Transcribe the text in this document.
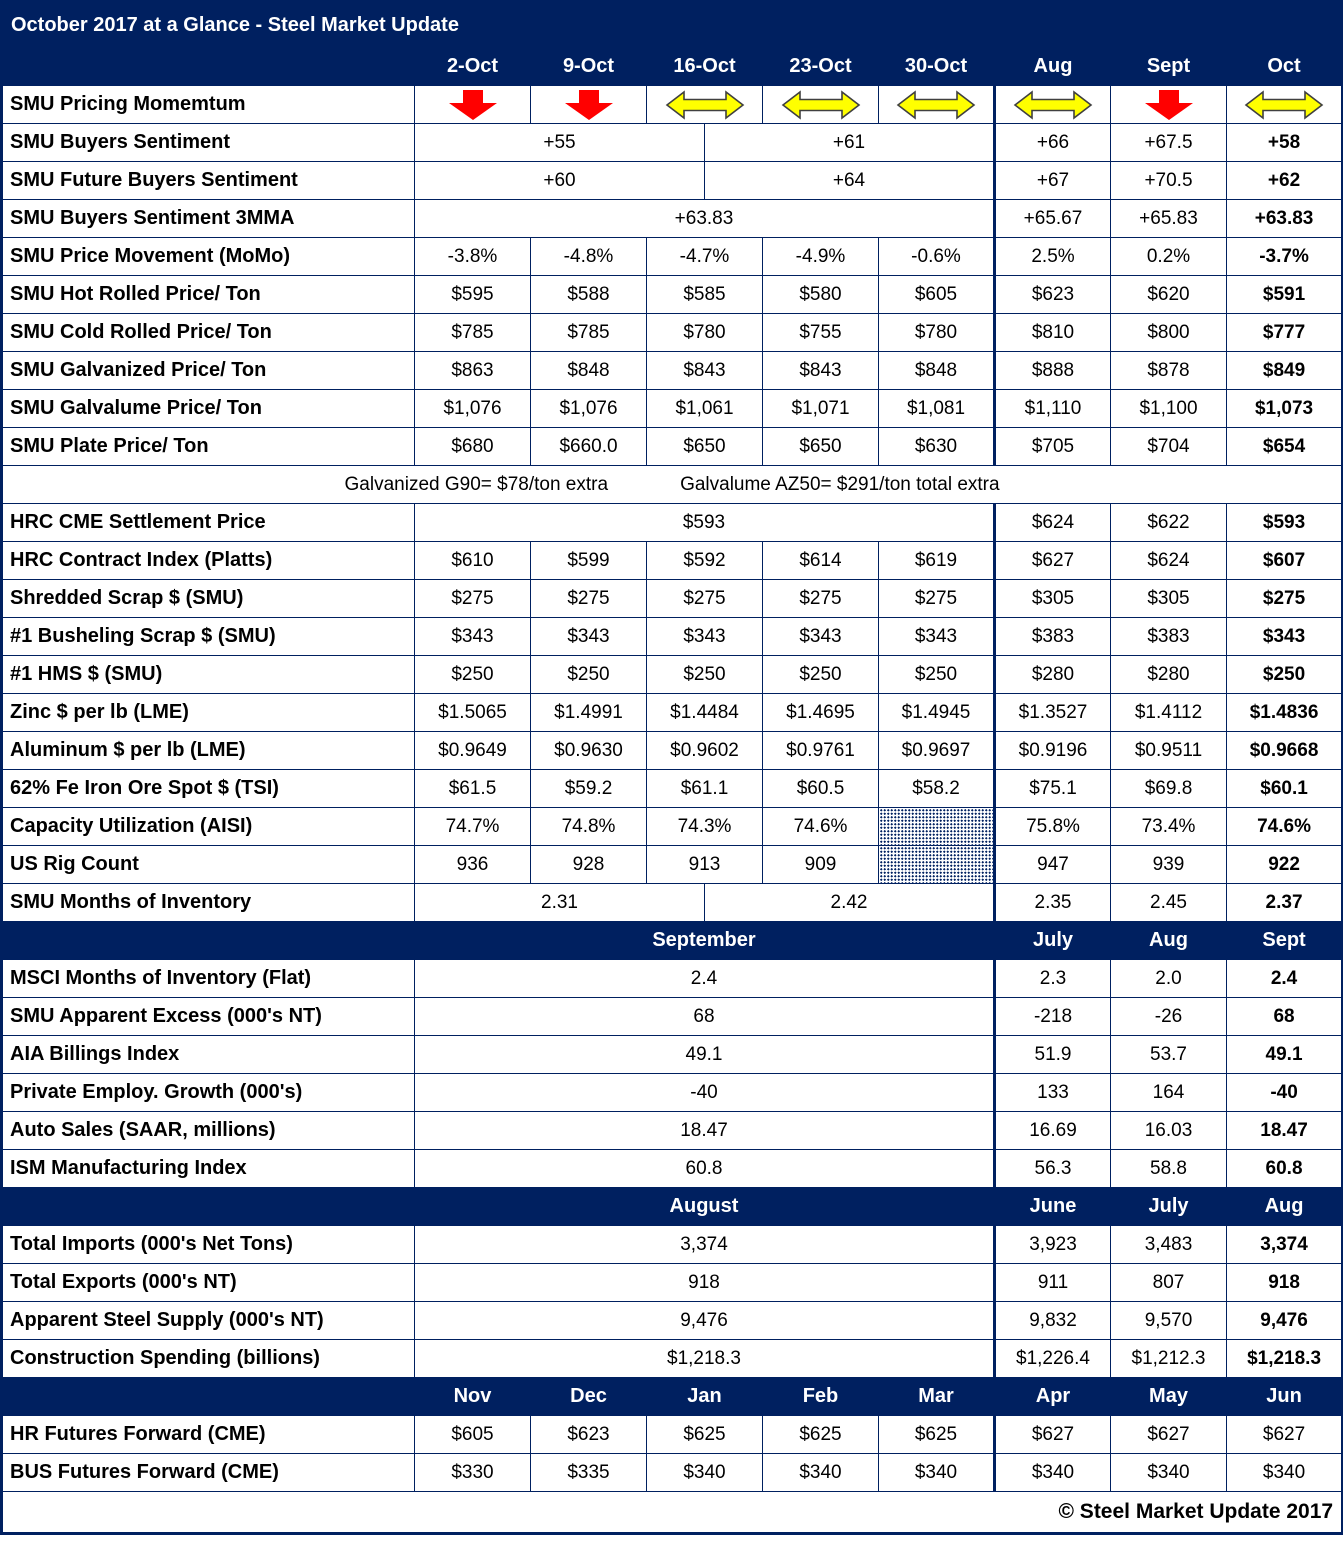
October 2017 at a Glance - Steel Market Update									
	2-Oct	9-Oct	16-Oct		23-Oct	30-Oct	Aug	Sept	Oct
SMU Pricing Momemtum	

SMU Buyers Sentiment	+55			+61			+66	+67.5	+58
SMU Future Buyers Sentiment	+60			+64			+67	+70.5	+62
SMU Buyers Sentiment 3MMA	+63.83						+65.67	+65.83	+63.83
SMU Price Movement (MoMo)	-3.8%	-4.8%	-4.7%		-4.9%	-0.6%	2.5%	0.2%	-3.7%
SMU Hot Rolled Price/ Ton	$595	$588	$585		$580	$605	$623	$620	$591
SMU Cold Rolled Price/ Ton	$785	$785	$780		$755	$780	$810	$800	$777
SMU Galvanized Price/ Ton	$863	$848	$843		$843	$848	$888	$878	$849
SMU Galvalume Price/ Ton	$1,076	$1,076	$1,061		$1,071	$1,081	$1,110	$1,100	$1,073
SMU Plate Price/ Ton	$680	$660.0	$650		$650	$630	$705	$704	$654

Galvanized G90= $78/ton extra Galvalume AZ50= $291/ton total extra									

HRC CME Settlement Price	$593						$624	$622	$593
HRC Contract Index (Platts)	$610	$599	$592		$614	$619	$627	$624	$607
Shredded Scrap $ (SMU)	$275	$275	$275		$275	$275	$305	$305	$275
#1 Busheling Scrap $ (SMU)	$343	$343	$343		$343	$343	$383	$383	$343
#1 HMS $ (SMU)	$250	$250	$250		$250	$250	$280	$280	$250
Zinc $ per lb (LME)	$1.5065	$1.4991	$1.4484		$1.4695	$1.4945	$1.3527	$1.4112	$1.4836
Aluminum $ per lb (LME)	$0.9649	$0.9630	$0.9602		$0.9761	$0.9697	$0.9196	$0.9511	$0.9668
62% Fe Iron Ore Spot $ (TSI)	$61.5	$59.2	$61.1		$60.5	$58.2	$75.1	$69.8	$60.1
Capacity Utilization (AISI)	74.7%	74.8%	74.3%		74.6%		75.8%	73.4%	74.6%
US Rig Count	936	928	913		909		947	939	922
SMU Months of Inventory	2.31			2.42			2.35	2.45	2.37
	September						July	Aug	Sept
MSCI Months of Inventory (Flat)	2.4						2.3	2.0	2.4
SMU Apparent Excess (000's NT)	68						-218	-26	68
AIA Billings Index	49.1						51.9	53.7	49.1
Private Employ. Growth (000's)	-40						133	164	-40
Auto Sales (SAAR, millions)	18.47						16.69	16.03	18.47
ISM Manufacturing Index	60.8						56.3	58.8	60.8
	August						June	July	Aug
Total Imports (000's Net Tons)	3,374						3,923	3,483	3,374
Total Exports (000's NT)	918						911	807	918
Apparent Steel Supply (000's NT)	9,476						9,832	9,570	9,476
Construction Spending (billions)	$1,218.3						$1,226.4	$1,212.3	$1,218.3
	Nov	Dec	Jan		Feb	Mar	Apr	May	Jun
HR Futures Forward (CME)	$605	$623	$625		$625	$625	$627	$627	$627
BUS Futures Forward (CME)	$330	$335	$340		$340	$340	$340	$340	$340
© Steel Market Update 2017									
